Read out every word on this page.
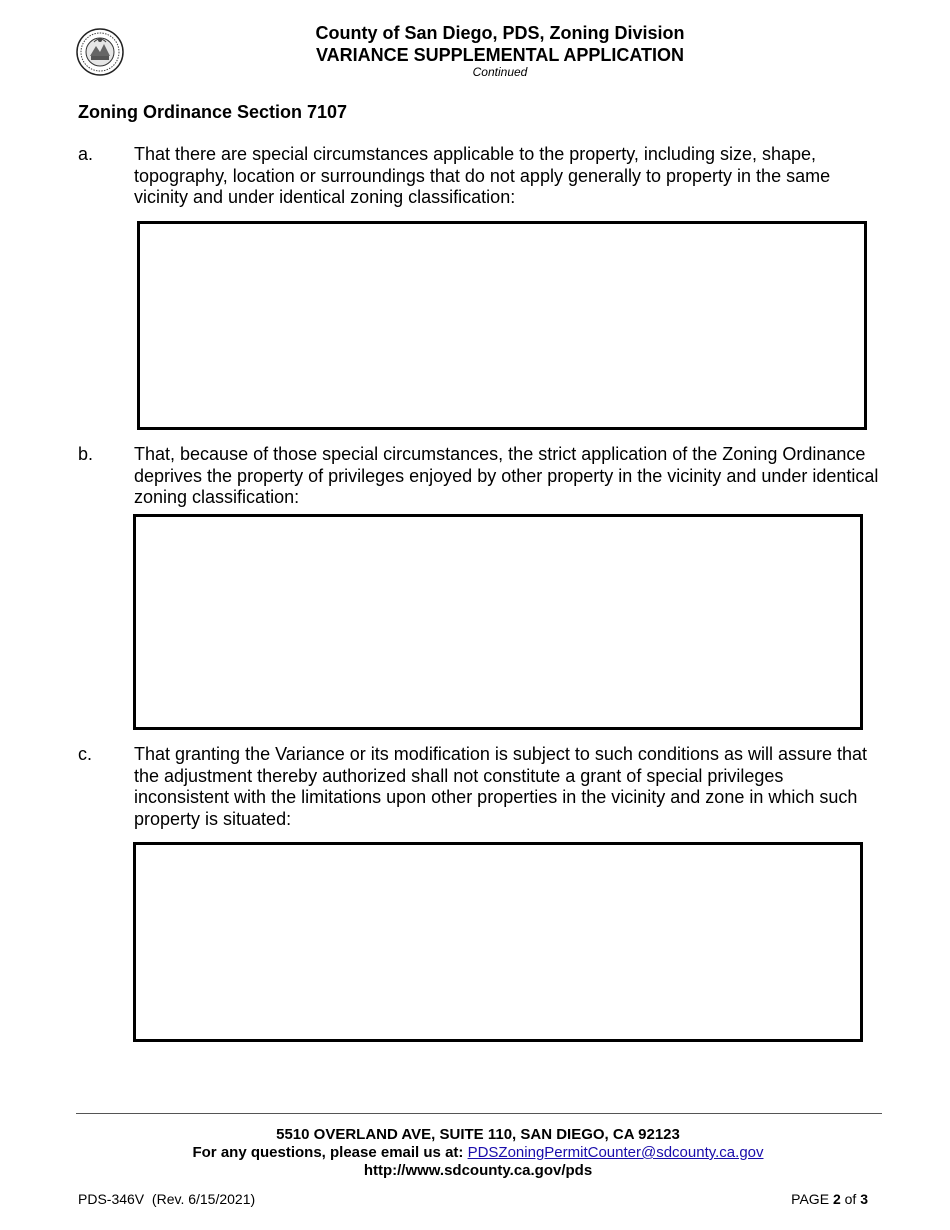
County of San Diego, PDS, Zoning Division
VARIANCE SUPPLEMENTAL APPLICATION
Continued
Zoning Ordinance Section 7107
a. That there are special circumstances applicable to the property, including size, shape, topography, location or surroundings that do not apply generally to property in the same vicinity and under identical zoning classification:
b. That, because of those special circumstances, the strict application of the Zoning Ordinance deprives the property of privileges enjoyed by other property in the vicinity and under identical zoning classification:
c. That granting the Variance or its modification is subject to such conditions as will assure that the adjustment thereby authorized shall not constitute a grant of special privileges inconsistent with the limitations upon other properties in the vicinity and zone in which such property is situated:
5510 OVERLAND AVE, SUITE 110, SAN DIEGO, CA 92123
For any questions, please email us at: PDSZoningPermitCounter@sdcounty.ca.gov
http://www.sdcounty.ca.gov/pds
PDS-346V  (Rev. 6/15/2021)	PAGE 2 of 3
